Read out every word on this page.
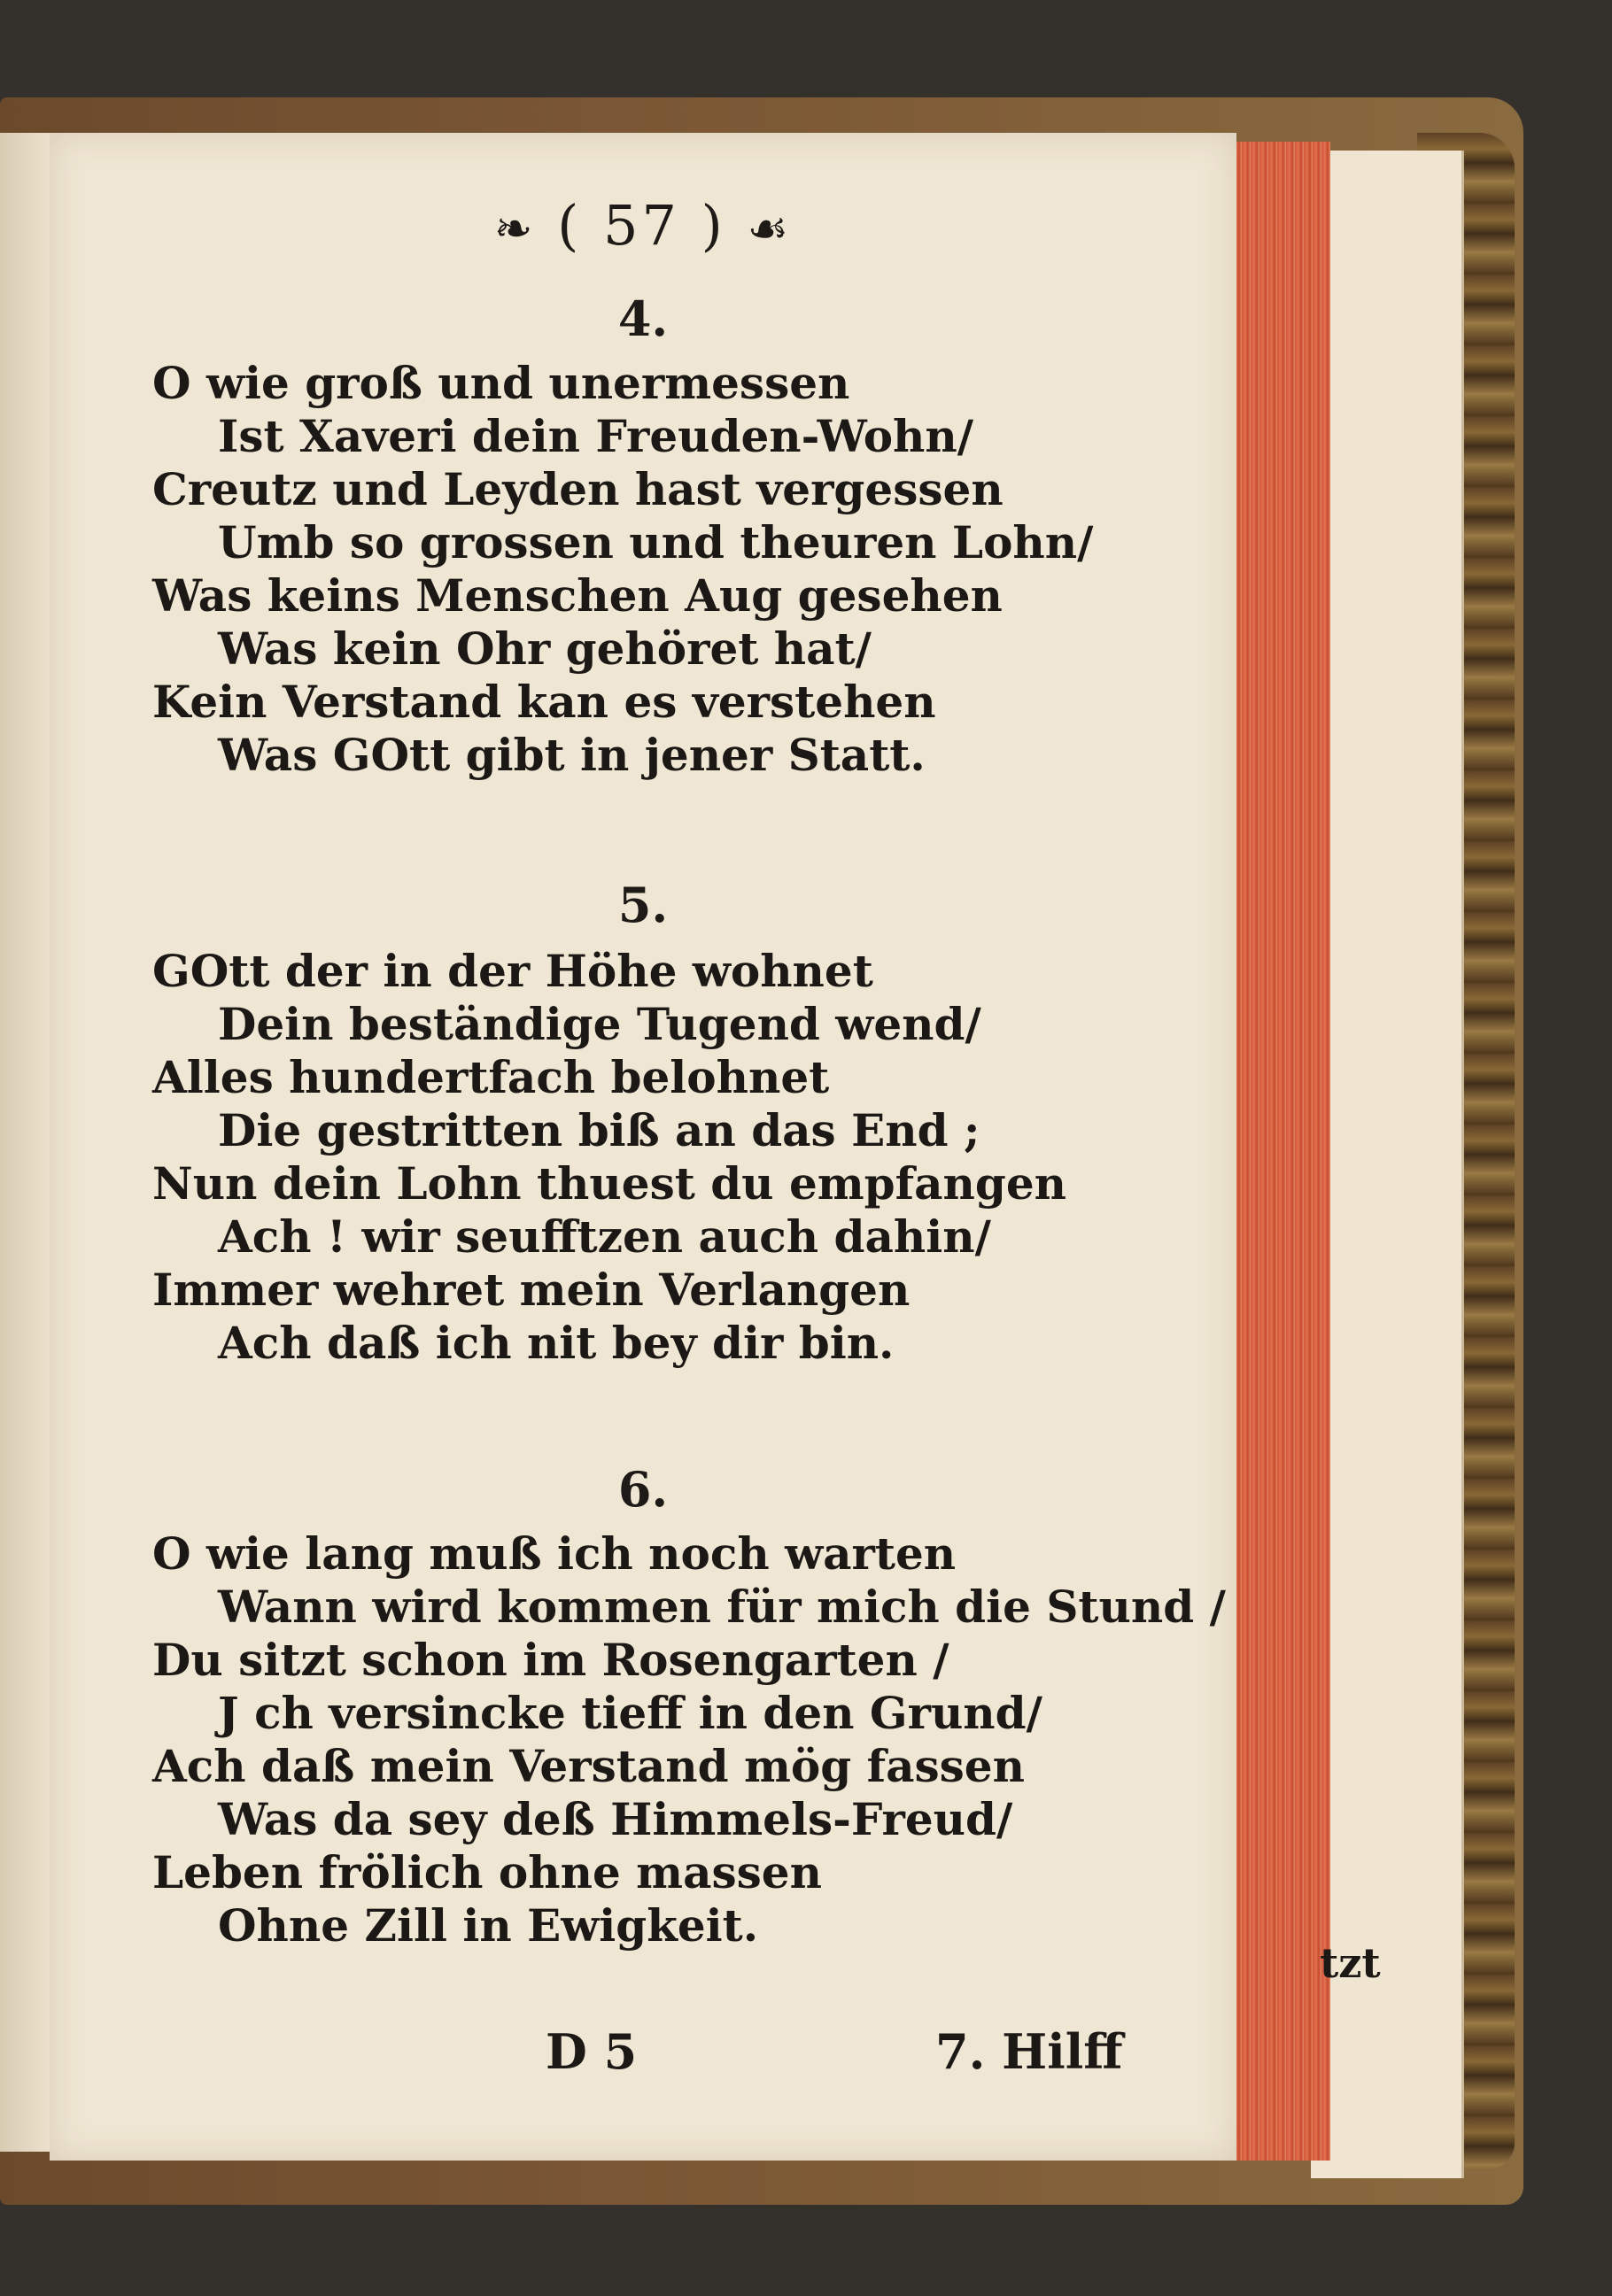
❧ ( 57 ) ☙
4.
O wie groß und unermessen
Ist Xaveri dein Freuden-Wohn/
Creutz und Leyden hast vergessen
Umb so grossen und theuren Lohn/
Was keins Menschen Aug gesehen
Was kein Ohr gehöret hat/
Kein Verstand kan es verstehen
Was GOtt gibt in jener Statt.
5.
GOtt der in der Höhe wohnet
Dein beständige Tugend wend/
Alles hundertfach belohnet
Die gestritten biß an das End ;
Nun dein Lohn thuest du empfangen
Ach ! wir seufftzen auch dahin/
Immer wehret mein Verlangen
Ach daß ich nit bey dir bin.
6.
O wie lang muß ich noch warten
Wann wird kommen für mich die Stund /
Du sitzt schon im Rosengarten /
J ch versincke tieff in den Grund/
Ach daß mein Verstand mög fassen
Was da sey deß Himmels-Freud/
Leben frölich ohne massen
Ohne Zill in Ewigkeit.
D 5	7. Hilff
tzt
